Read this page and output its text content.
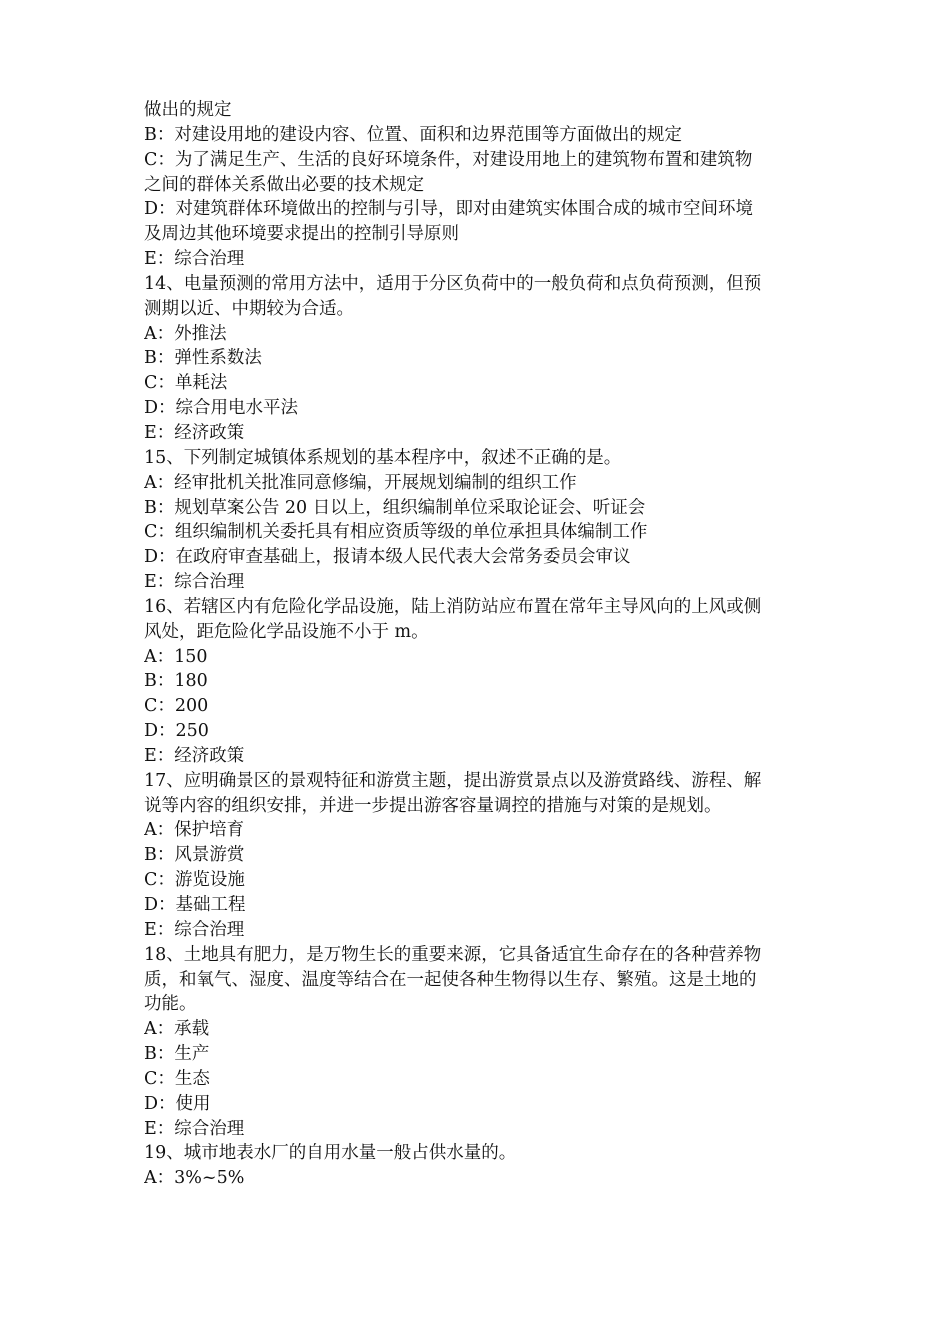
做出的规定
B：对建设用地的建设内容、位置、面积和边界范围等方面做出的规定
C：为了满足生产、生活的良好环境条件，对建设用地上的建筑物布置和建筑物
之间的群体关系做出必要的技术规定
D：对建筑群体环境做出的控制与引导，即对由建筑实体围合成的城市空间环境
及周边其他环境要求提出的控制引导原则
E：综合治理
14、电量预测的常用方法中，适用于分区负荷中的一般负荷和点负荷预测，但预
测期以近、中期较为合适。
A：外推法
B：弹性系数法
C：单耗法
D：综合用电水平法
E：经济政策
15、下列制定城镇体系规划的基本程序中，叙述不正确的是。
A：经审批机关批准同意修编，开展规划编制的组织工作
B：规划草案公告 20 日以上，组织编制单位采取论证会、听证会
C：组织编制机关委托具有相应资质等级的单位承担具体编制工作
D：在政府审查基础上，报请本级人民代表大会常务委员会审议
E：综合治理
16、若辖区内有危险化学品设施，陆上消防站应布置在常年主导风向的上风或侧
风处，距危险化学品设施不小于 m。
A：150
B：180
C：200
D：250
E：经济政策
17、应明确景区的景观特征和游赏主题，提出游赏景点以及游赏路线、游程、解
说等内容的组织安排，并进一步提出游客容量调控的措施与对策的是规划。
A：保护培育
B：风景游赏
C：游览设施
D：基础工程
E：综合治理
18、土地具有肥力，是万物生长的重要来源，它具备适宜生命存在的各种营养物
质，和氧气、湿度、温度等结合在一起使各种生物得以生存、繁殖。这是土地的
功能。
A：承载
B：生产
C：生态
D：使用
E：综合治理
19、城市地表水厂的自用水量一般占供水量的。
A：3%~5%
